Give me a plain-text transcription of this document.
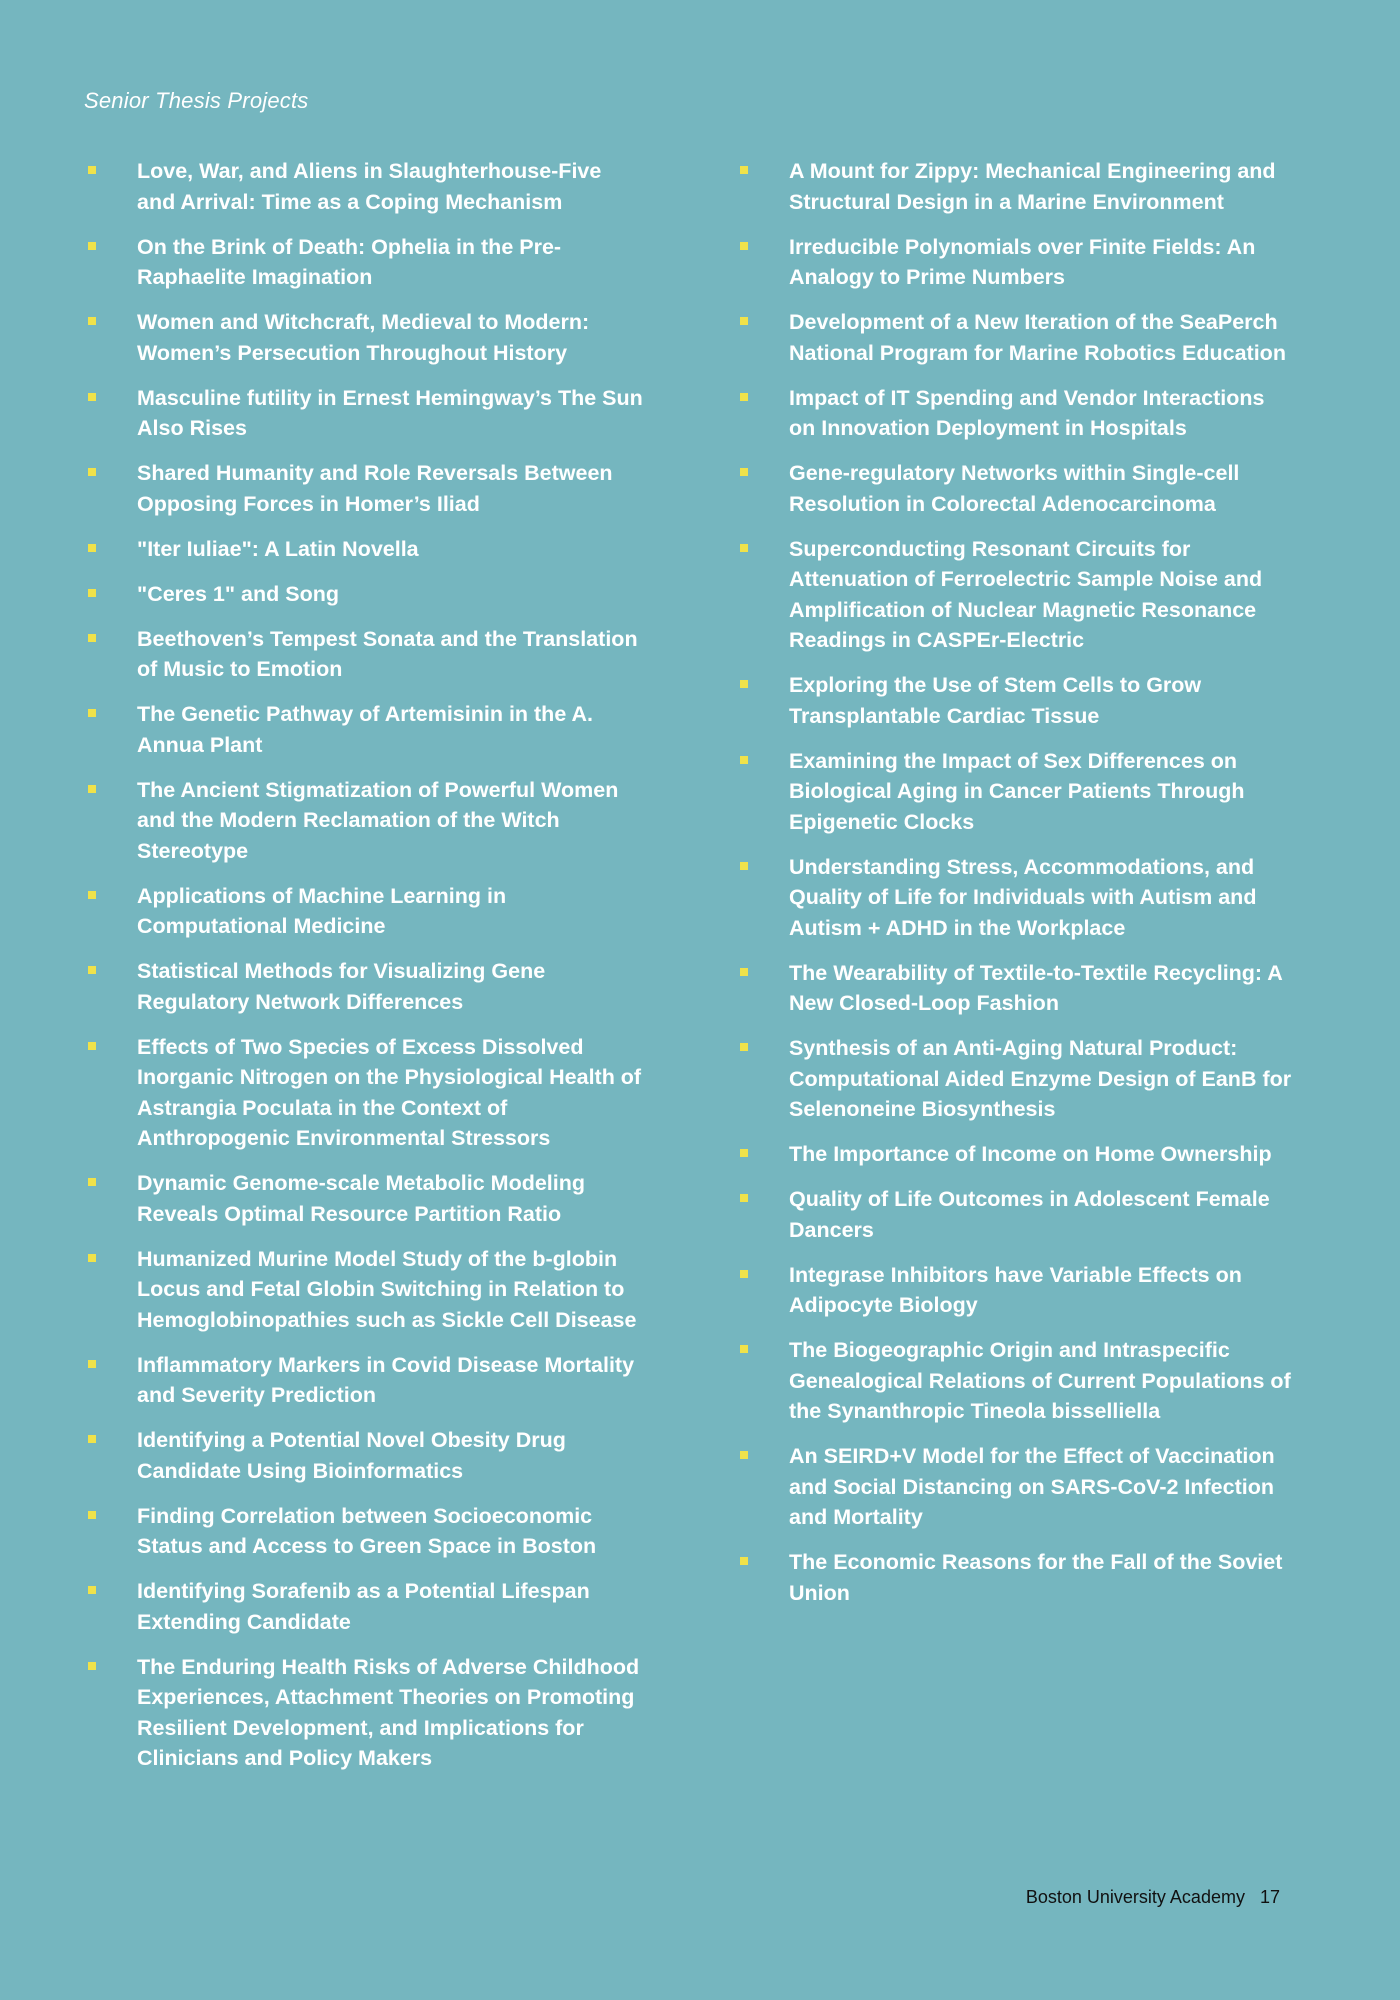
Senior Thesis Projects
Love, War, and Aliens in Slaughterhouse-Five and Arrival: Time as a Coping Mechanism
On the Brink of Death: Ophelia in the Pre-Raphaelite Imagination
Women and Witchcraft, Medieval to Modern: Women’s Persecution Throughout History
Masculine futility in Ernest Hemingway’s The Sun Also Rises
Shared Humanity and Role Reversals Between Opposing Forces in Homer’s Iliad
"Iter Iuliae": A Latin Novella
"Ceres 1" and Song
Beethoven’s Tempest Sonata and the Translation of Music to Emotion
The Genetic Pathway of Artemisinin in the A. Annua Plant
The Ancient Stigmatization of Powerful Women and the Modern Reclamation of the Witch Stereotype
Applications of Machine Learning in Computational Medicine
Statistical Methods for Visualizing Gene Regulatory Network Differences
Effects of Two Species of Excess Dissolved Inorganic Nitrogen on the Physiological Health of Astrangia Poculata in the Context of Anthropogenic Environmental Stressors
Dynamic Genome-scale Metabolic Modeling Reveals Optimal Resource Partition Ratio
Humanized Murine Model Study of the b-globin Locus and Fetal Globin Switching in Relation to Hemoglobinopathies such as Sickle Cell Disease
Inflammatory Markers in Covid Disease Mortality and Severity Prediction
Identifying a Potential Novel Obesity Drug Candidate Using Bioinformatics
Finding Correlation between Socioeconomic Status and Access to Green Space in Boston
Identifying Sorafenib as a Potential Lifespan Extending Candidate
The Enduring Health Risks of Adverse Childhood Experiences, Attachment Theories on Promoting Resilient Development, and Implications for Clinicians and Policy Makers
A Mount for Zippy: Mechanical Engineering and Structural Design in a Marine Environment
Irreducible Polynomials over Finite Fields: An Analogy to Prime Numbers
Development of a New Iteration of the SeaPerch National Program for Marine Robotics Education
Impact of IT Spending and Vendor Interactions on Innovation Deployment in Hospitals
Gene-regulatory Networks within Single-cell Resolution in Colorectal Adenocarcinoma
Superconducting Resonant Circuits for Attenuation of Ferroelectric Sample Noise and Amplification of Nuclear Magnetic Resonance Readings in CASPEr-Electric
Exploring the Use of Stem Cells to Grow Transplantable Cardiac Tissue
Examining the Impact of Sex Differences on Biological Aging in Cancer Patients Through Epigenetic Clocks
Understanding Stress, Accommodations, and Quality of Life for Individuals with Autism and Autism + ADHD in the Workplace
The Wearability of Textile-to-Textile Recycling: A New Closed-Loop Fashion
Synthesis of an Anti-Aging Natural Product: Computational Aided Enzyme Design of EanB for Selenoneine Biosynthesis
The Importance of Income on Home Ownership
Quality of Life Outcomes in Adolescent Female Dancers
Integrase Inhibitors have Variable Effects on Adipocyte Biology
The Biogeographic Origin and Intraspecific Genealogical Relations of Current Populations of the Synanthropic Tineola bisselliella
An SEIRD+V Model for the Effect of Vaccination and Social Distancing on SARS-CoV-2 Infection and Mortality
The Economic Reasons for the Fall of the Soviet Union
Boston University Academy 17
